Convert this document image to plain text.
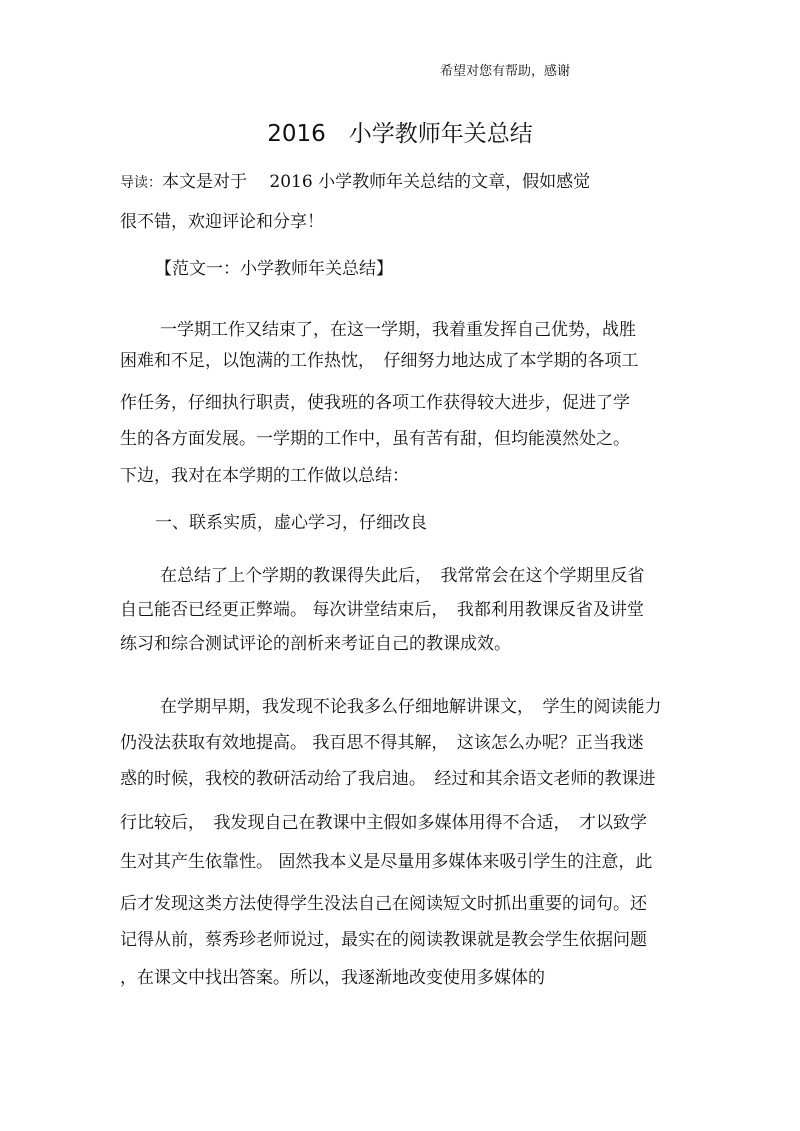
希望对您有帮助，感谢
2016　小学教师年关总结
导读：本文是对于　 2016 小学教师年关总结的文章，假如感觉
很不错，欢迎评论和分享！
【范文一：小学教师年关总结】
一学期工作又结束了，在这一学期，我着重发挥自己优势，战胜
困难和不足，以饱满的工作热忱，　仔细努力地达成了本学期的各项工
作任务，仔细执行职责，使我班的各项工作获得较大进步，促进了学
生的各方面发展。一学期的工作中，虽有苦有甜，但均能漠然处之。
下边，我对在本学期的工作做以总结：
一、联系实质，虚心学习，仔细改良
在总结了上个学期的教课得失此后，　我常常会在这个学期里反省
自己能否已经更正弊端。 每次讲堂结束后，　我都利用教课反省及讲堂
练习和综合测试评论的剖析来考证自己的教课成效。
在学期早期，我发现不论我多么仔细地解讲课文，　学生的阅读能力
仍没法获取有效地提高。 我百思不得其解，　这该怎么办呢？正当我迷
惑的时候，我校的教研活动给了我启迪。　经过和其余语文老师的教课进
行比较后，　我发现自己在教课中主假如多媒体用得不合适，　才以致学
生对其产生依靠性。 固然我本义是尽量用多媒体来吸引学生的注意，此
后才发现这类方法使得学生没法自己在阅读短文时抓出重要的词句。还
记得从前，蔡秀珍老师说过，最实在的阅读教课就是教会学生依据问题
，在课文中找出答案。所以，我逐渐地改变使用多媒体的
